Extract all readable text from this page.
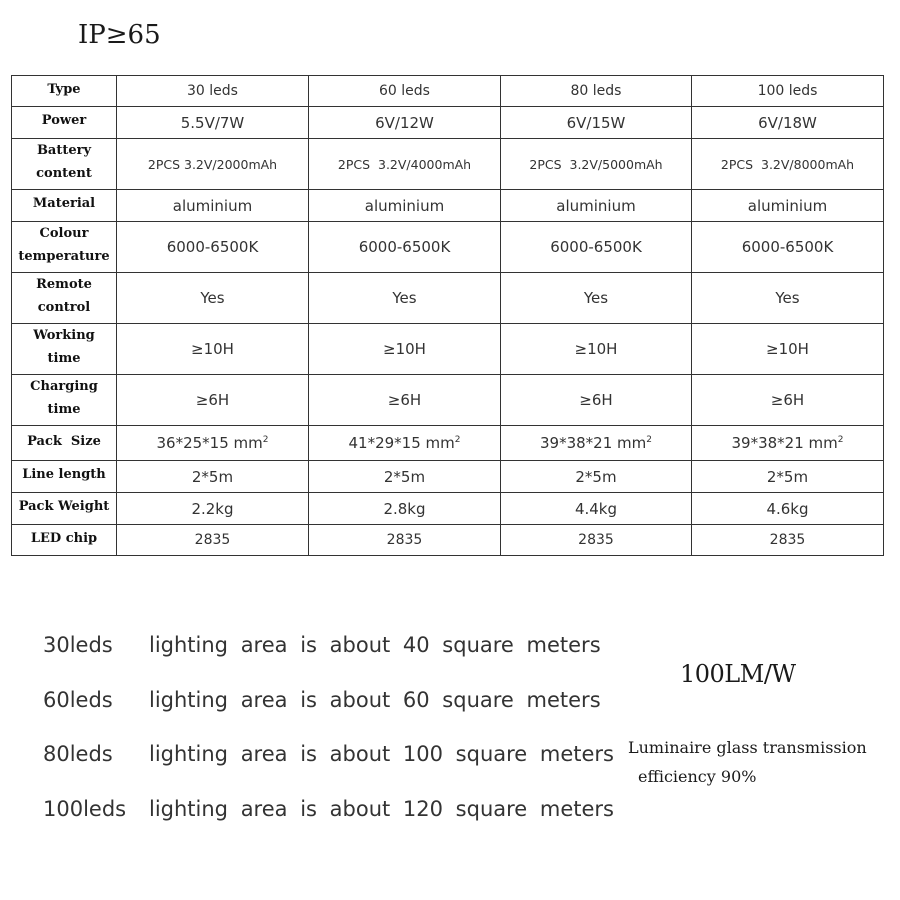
IP≥65
Type	30 leds	60 leds	80 leds	100 leds
Power	5.5V/7W	6V/12W	6V/15W	6V/18W

Battery
content	2PCS 3.2V/2000mAh	2PCS  3.2V/4000mAh	2PCS  3.2V/5000mAh	2PCS  3.2V/8000mAh
Material	aluminium	aluminium	aluminium	aluminium

Colour
temperature	6000-6500K	6000-6500K	6000-6500K	6000-6500K

Remote
control	Yes	Yes	Yes	Yes

Working
time	≥10H	≥10H	≥10H	≥10H

Charging
time	≥6H	≥6H	≥6H	≥6H
Pack  Size	36*25*15 $mm^2$	41*29*15 $mm^2$	39*38*21 $mm^2$	39*38*21 $mm^2$
Line length	2*5m	2*5m	2*5m	2*5m
Pack Weight	2.2kg	2.8kg	4.4kg	4.6kg
LED chip	2835	2835	2835	2835
30leds	lighting area is about 40 square meters
60leds	lighting area is about 60 square meters
80leds	lighting area is about 100 square meters
100leds	lighting area is about 120 square meters
100LM/W
Luminaire glass transmission
efficiency 90%
